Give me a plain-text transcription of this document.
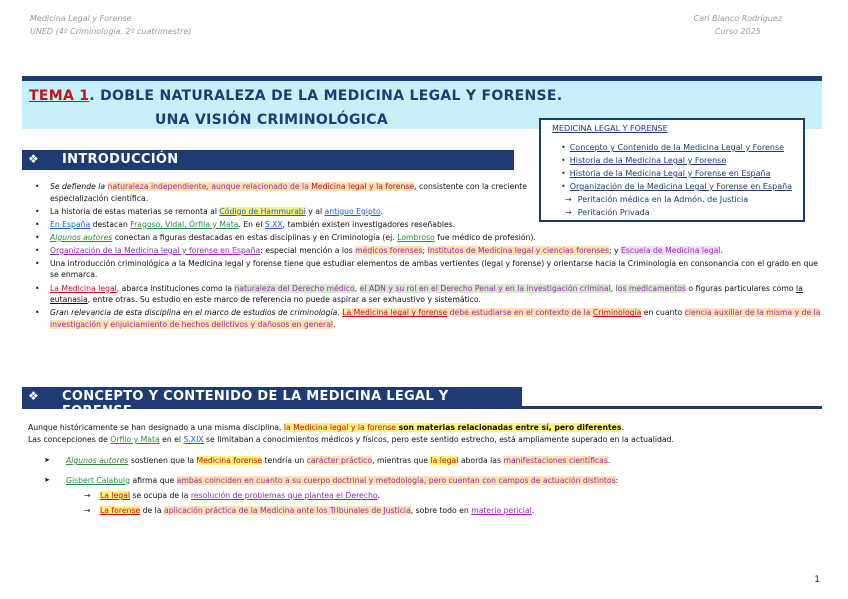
Medicina Legal y Forense
UNED (4º Criminología. 2º cuatrimestre)
Cari Blanco Rodríguez
Curso 2025
TEMA 1. DOBLE NATURALEZA DE LA MEDICINA LEGAL Y FORENSE.
UNA VISIÓN CRIMINOLÓGICA
MEDICINA LEGAL Y FORENSE
• Concepto y Contenido de la Medicina Legal y Forense
• Historia de la Medicina Legal y Forense
• Historia de la Medicina Legal y Forense en España
• Organización de la Medicina Legal y Forense en España
→ Peritación médica en la Admón. de Justicia
→ Peritación Privada
❖ INTRODUCCIÓN
• Se defiende la naturaleza independiente, aunque relacionado de la Medicina legal y la forense, consistente con la creciente especialización científica.
• La historia de estas materias se remonta al Código de Hammurabi y al antiguo Egipto.
• En España destacan Fragoso, Vidal, Órfila y Mata. En el S.XX, también existen investigadores reseñables.
• Algunos autores conectan a figuras destacadas en estas disciplinas y en Criminología (ej. Lombroso fue médico de profesión).
• Organización de la Medicina legal y forense en España: especial mención a los médicos forenses; Institutos de Medicina legal y ciencias forenses; y Escuela de Medicina legal.
• Una introducción criminológica a la Medicina legal y forense tiene que estudiar elementos de ambas vertientes (legal y forense) y orientarse hacia la Criminología en consonancia con el grado en que se enmarca.
• La Medicina legal, abarca instituciones como la naturaleza del Derecho médico, el ADN y su rol en el Derecho Penal y en la investigación criminal, los medicamentos o figuras particulares como la eutanasia, entre otras. Su estudio en este marco de referencia no puede aspirar a ser exhaustivo y sistemático.
• Gran relevancia de esta disciplina en el marco de estudios de criminología. La Medicina legal y forense debe estudiarse en el contexto de la Criminología en cuanto ciencia auxiliar de la misma y de la investigación y enjuiciamiento de hechos delictivos y dañosos en general.
❖ CONCEPTO Y CONTENIDO DE LA MEDICINA LEGAL Y FORENSE
Aunque históricamente se han designado a una misma disciplina, la Medicina legal y la forense son materias relacionadas entre sí, pero diferentes.
Las concepciones de Órfilo y Mata en el S.XIX se limitaban a conocimientos médicos y físicos, pero este sentido estrecho, está ampliamente superado en la actualidad.
➤ Algunos autores sostienen que la Medicina forense tendría un carácter práctico, mientras que la legal aborda las manifestaciones científicas.
➤ Gisbert Calabuig afirma que ambas coinciden en cuanto a su cuerpo doctrinal y metodología, pero cuentan con campos de actuación distintos:
→ La legal se ocupa de la resolución de problemas que plantea el Derecho.
→ La forense de la aplicación práctica de la Medicina ante los Tribunales de Justicia, sobre todo en materia pericial.
1
